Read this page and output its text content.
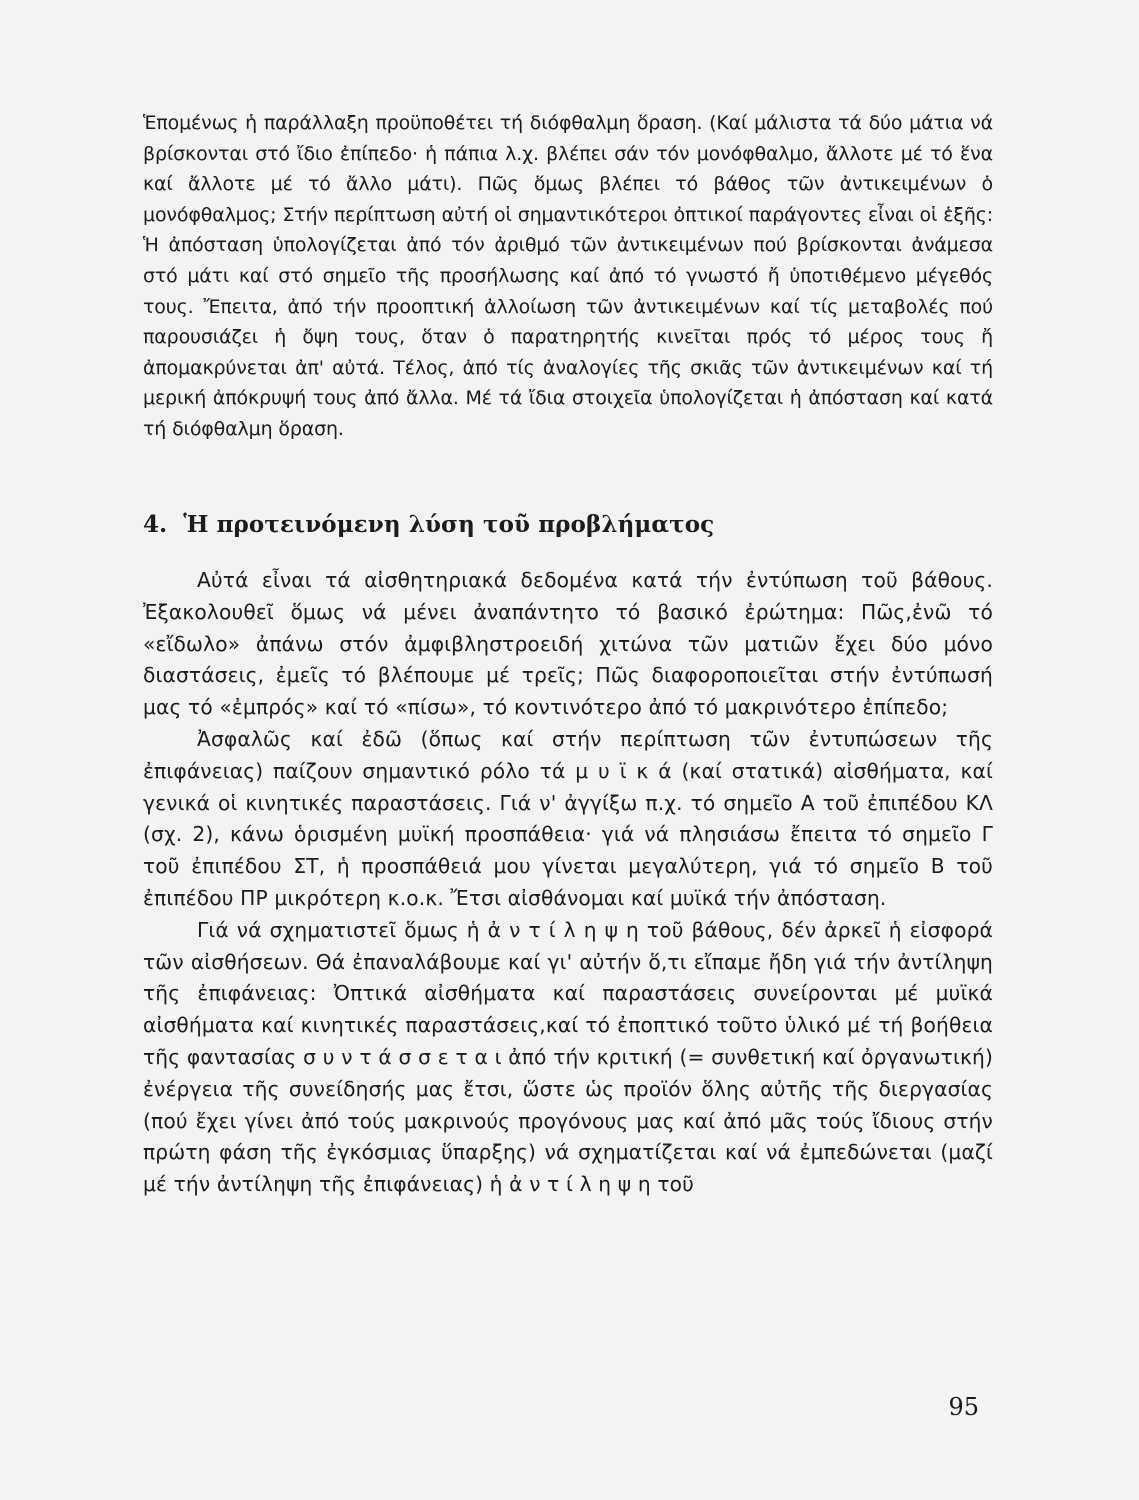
Ἑπομένως ἡ παράλλαξη προϋποθέτει τή διόφθαλμη ὅραση. (Καί μάλιστα τά δύο μάτια νά βρίσκονται στό ἴδιο ἐπίπεδο· ἡ πάπια λ.χ. βλέπει σάν τόν μονόφθαλμο, ἄλλοτε μέ τό ἕνα καί ἄλλοτε μέ τό ἄλλο μάτι). Πῶς ὅμως βλέπει τό βάθος τῶν ἀντικειμένων ὁ μονόφθαλμος; Στήν περίπτωση αὐτή οἱ σημαντικότεροι ὀπτικοί παράγοντες εἶναι οἱ ἑξῆς: Ἡ ἀπόσταση ὑπολογίζεται ἀπό τόν ἀριθμό τῶν ἀντικειμένων πού βρίσκονται ἀνάμεσα στό μάτι καί στό σημεῖο τῆς προσήλωσης καί ἀπό τό γνωστό ἤ ὑποτιθέμενο μέγεθός τους. Ἔπειτα, ἀπό τήν προοπτική ἀλλοίωση τῶν ἀντικειμένων καί τίς μεταβολές πού παρουσιάζει ἡ ὄψη τους, ὅταν ὁ παρατηρητής κινεῖται πρός τό μέρος τους ἤ ἀπομακρύνεται ἀπ' αὐτά. Τέλος, ἀπό τίς ἀναλογίες τῆς σκιᾶς τῶν ἀντικειμένων καί τή μερική ἀπόκρυψή τους ἀπό ἄλλα. Μέ τά ἴδια στοιχεῖα ὑπολογίζεται ἡ ἀπόσταση καί κατά τή διόφθαλμη ὅραση.

4. Ἡ προτεινόμενη λύση τοῦ προβλήματος

Αὐτά εἶναι τά αἰσθητηριακά δεδομένα κατά τήν ἐντύπωση τοῦ βάθους. Ἐξακολουθεῖ ὅμως νά μένει ἀναπάντητο τό βασικό ἐρώτημα: Πῶς,ἐνῶ τό «εἴδωλο» ἀπάνω στόν ἀμφιβληστροειδή χιτώνα τῶν ματιῶν ἔχει δύο μόνο διαστάσεις, ἐμεῖς τό βλέπουμε μέ τρεῖς; Πῶς διαφοροποιεῖται στήν ἐντύπωσή μας τό «ἐμπρός» καί τό «πίσω», τό κοντινότερο ἀπό τό μακρινότερο ἐπίπεδο;

Ἀσφαλῶς καί ἐδῶ (ὅπως καί στήν περίπτωση τῶν ἐντυπώσεων τῆς ἐπιφάνειας) παίζουν σημαντικό ρόλο τά μ υ ϊ κ ά (καί στατικά) αἰσθήματα, καί γενικά οἱ κινητικές παραστάσεις. Γιά ν' ἀγγίξω π.χ. τό σημεῖο Α τοῦ ἐπιπέδου ΚΛ (σχ. 2), κάνω ὁρισμένη μυϊκή προσπάθεια· γιά νά πλησιάσω ἔπειτα τό σημεῖο Γ τοῦ ἐπιπέδου ΣΤ, ἡ προσπάθειά μου γίνεται μεγαλύτερη, γιά τό σημεῖο Β τοῦ ἐπιπέδου ΠΡ μικρότερη κ.ο.κ. Ἔτσι αἰσθάνομαι καί μυϊκά τήν ἀπόσταση.

Γιά νά σχηματιστεῖ ὅμως ἡ ἀ ν τ ί λ η ψ η τοῦ βάθους, δέν ἀρκεῖ ἡ εἰσφορά τῶν αἰσθήσεων. Θά ἐπαναλάβουμε καί γι' αὐτήν ὅ,τι εἴπαμε ἤδη γιά τήν ἀντίληψη τῆς ἐπιφάνειας: Ὀπτικά αἰσθήματα καί παραστάσεις συνείρονται μέ μυϊκά αἰσθήματα καί κινητικές παραστάσεις,καί τό ἐποπτικό τοῦτο ὑλικό μέ τή βοήθεια τῆς φαντασίας σ υ ν τ ά σ σ ε τ α ι ἀπό τήν κριτική (= συνθετική καί ὀργανωτική) ἐνέργεια τῆς συνείδησής μας ἔτσι, ὥστε ὡς προϊόν ὅλης αὐτῆς τῆς διεργασίας (πού ἔχει γίνει ἀπό τούς μακρινούς προγόνους μας καί ἀπό μᾶς τούς ἴδιους στήν πρώτη φάση τῆς ἐγκόσμιας ὕπαρξης) νά σχηματίζεται καί νά ἐμπεδώνεται (μαζί μέ τήν ἀντίληψη τῆς ἐπιφάνειας) ἡ ἀ ν τ ί λ η ψ η τοῦ

95
